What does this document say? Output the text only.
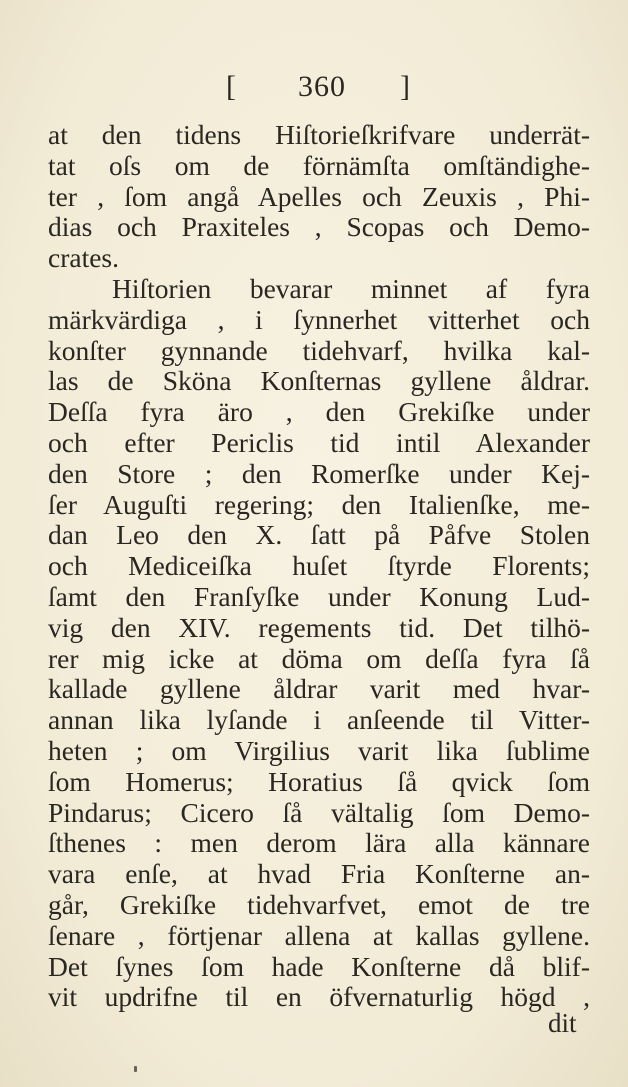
[ 360 ]
at den tidens Hiſtorieſkrifvare underrät-
tat oſs om de förnämſta omſtändighe-
ter , ſom angå Apelles och Zeuxis , Phi-
dias och Praxiteles , Scopas och Demo-
crates.
Hiſtorien bevarar minnet af fyra
märkvärdiga , i ſynnerhet vitterhet och
konſter gynnande tidehvarf, hvilka kal-
las de Sköna Konſternas gyllene åldrar.
Deſſa fyra äro , den Grekiſke under
och efter Periclis tid intil Alexander
den Store ; den Romerſke under Kej-
ſer Auguſti regering; den Italienſke, me-
dan Leo den X. ſatt på Påfve Stolen
och Mediceiſka huſet ſtyrde Florents;
ſamt den Franſyſke under Konung Lud-
vig den XIV. regements tid. Det tilhö-
rer mig icke at döma om deſſa fyra ſå
kallade gyllene åldrar varit med hvar-
annan lika lyſande i anſeende til Vitter-
heten ; om Virgilius varit lika ſublime
ſom Homerus; Horatius ſå qvick ſom
Pindarus; Cicero ſå vältalig ſom Demo-
ſthenes : men derom lära alla kännare
vara enſe, at hvad Fria Konſterne an-
går, Grekiſke tidehvarfvet, emot de tre
ſenare , förtjenar allena at kallas gyllene.
Det ſynes ſom hade Konſterne då blif-
vit updrifne til en öfvernaturlig högd ,
dit
